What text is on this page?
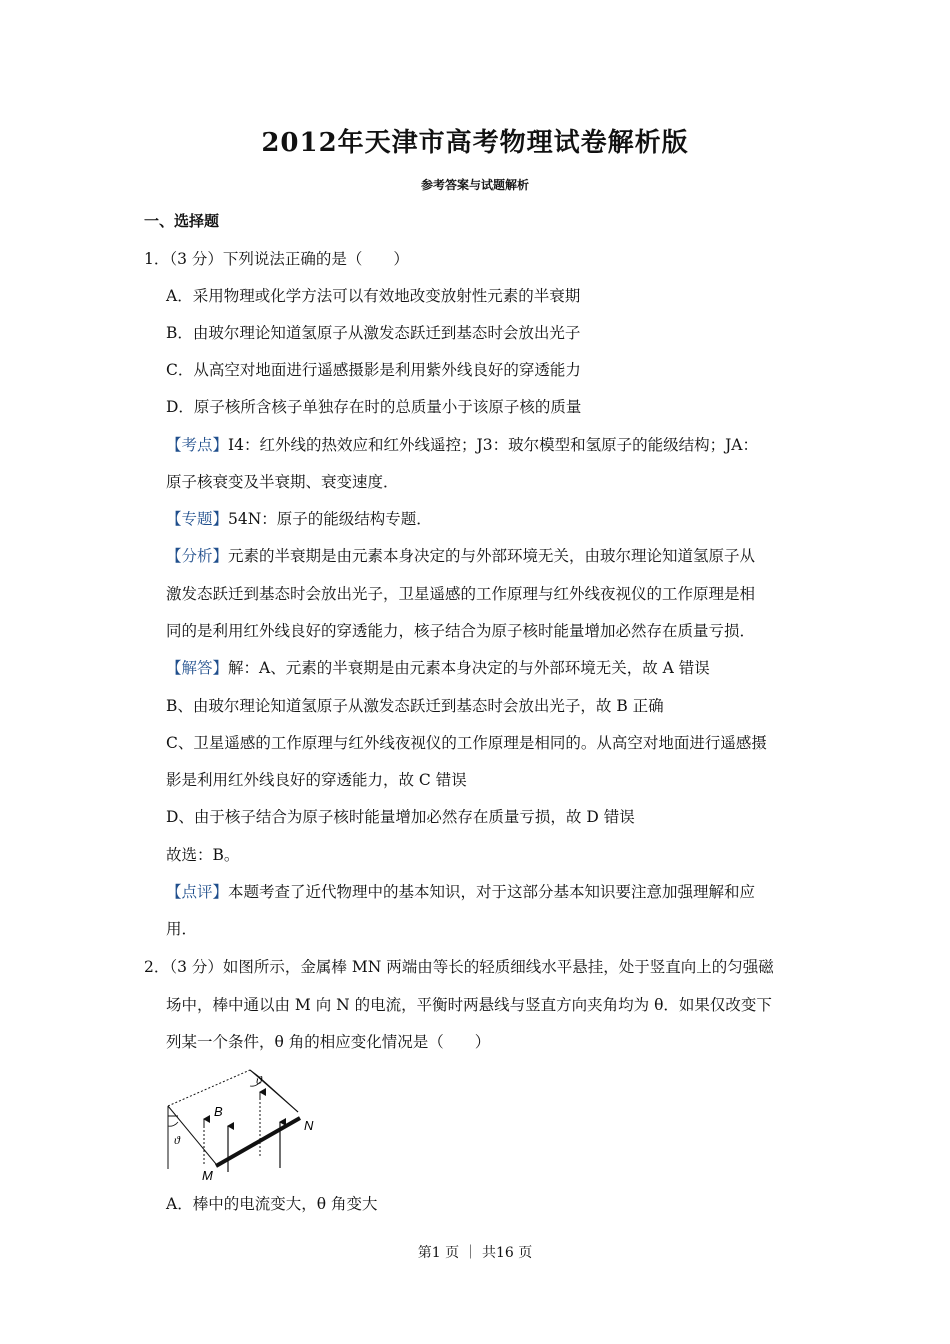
2012年天津市高考物理试卷解析版
参考答案与试题解析
一、选择题
1．（3 分）下列说法正确的是（　　）
A．采用物理或化学方法可以有效地改变放射性元素的半衰期
B．由玻尔理论知道氢原子从激发态跃迁到基态时会放出光子
C．从高空对地面进行遥感摄影是利用紫外线良好的穿透能力
D．原子核所含核子单独存在时的总质量小于该原子核的质量
【考点】I4：红外线的热效应和红外线遥控；J3：玻尔模型和氢原子的能级结构；JA：
原子核衰变及半衰期、衰变速度．
【专题】54N：原子的能级结构专题．
【分析】元素的半衰期是由元素本身决定的与外部环境无关，由玻尔理论知道氢原子从
激发态跃迁到基态时会放出光子，卫星遥感的工作原理与红外线夜视仪的工作原理是相
同的是利用红外线良好的穿透能力，核子结合为原子核时能量增加必然存在质量亏损．
【解答】解：A、元素的半衰期是由元素本身决定的与外部环境无关，故 A 错误
B、由玻尔理论知道氢原子从激发态跃迁到基态时会放出光子，故 B 正确
C、卫星遥感的工作原理与红外线夜视仪的工作原理是相同的。从高空对地面进行遥感摄
影是利用红外线良好的穿透能力，故 C 错误
D、由于核子结合为原子核时能量增加必然存在质量亏损，故 D 错误
故选：B。
【点评】本题考查了近代物理中的基本知识，对于这部分基本知识要注意加强理解和应
用．
2．（3 分）如图所示，金属棒 MN 两端由等长的轻质细线水平悬挂，处于竖直向上的匀强磁
场中，棒中通以由 M 向 N 的电流，平衡时两悬线与竖直方向夹角均为 θ．如果仅改变下
列某一个条件，θ 角的相应变化情况是（　　）
B
M
N
ϑ
ϑ
A．棒中的电流变大，θ 角变大
第1 页 ｜ 共16 页
